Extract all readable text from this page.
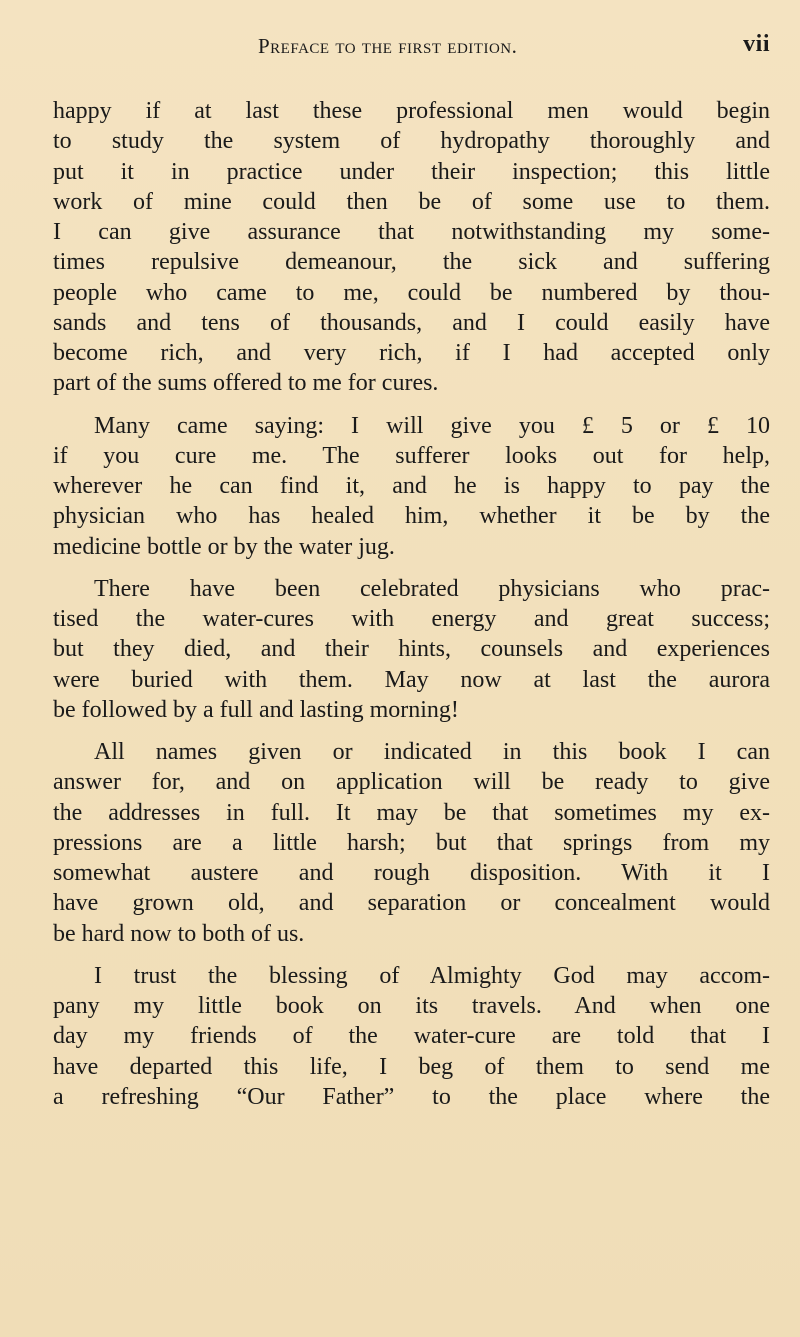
Preface to the first edition.	vii
happy if at last these professional men would begin
to study the system of hydropathy thoroughly and
put it in practice under their inspection; this little
work of mine could then be of some use to them.
I can give assurance that notwithstanding my some-
times repulsive demeanour, the sick and suffering
people who came to me, could be numbered by thou-
sands and tens of thousands, and I could easily have
become rich, and very rich, if I had accepted only
part of the sums offered to me for cures.
Many came saying: I will give you £ 5 or £ 10
if you cure me. The sufferer looks out for help,
wherever he can find it, and he is happy to pay the
physician who has healed him, whether it be by the
medicine bottle or by the water jug.
There have been celebrated physicians who prac-
tised the water-cures with energy and great success;
but they died, and their hints, counsels and experiences
were buried with them. May now at last the aurora
be followed by a full and lasting morning!
All names given or indicated in this book I can
answer for, and on application will be ready to give
the addresses in full. It may be that sometimes my ex-
pressions are a little harsh; but that springs from my
somewhat austere and rough disposition. With it I
have grown old, and separation or concealment would
be hard now to both of us.
I trust the blessing of Almighty God may accom-
pany my little book on its travels. And when one
day my friends of the water-cure are told that I
have departed this life, I beg of them to send me
a refreshing “Our Father” to the place where the
